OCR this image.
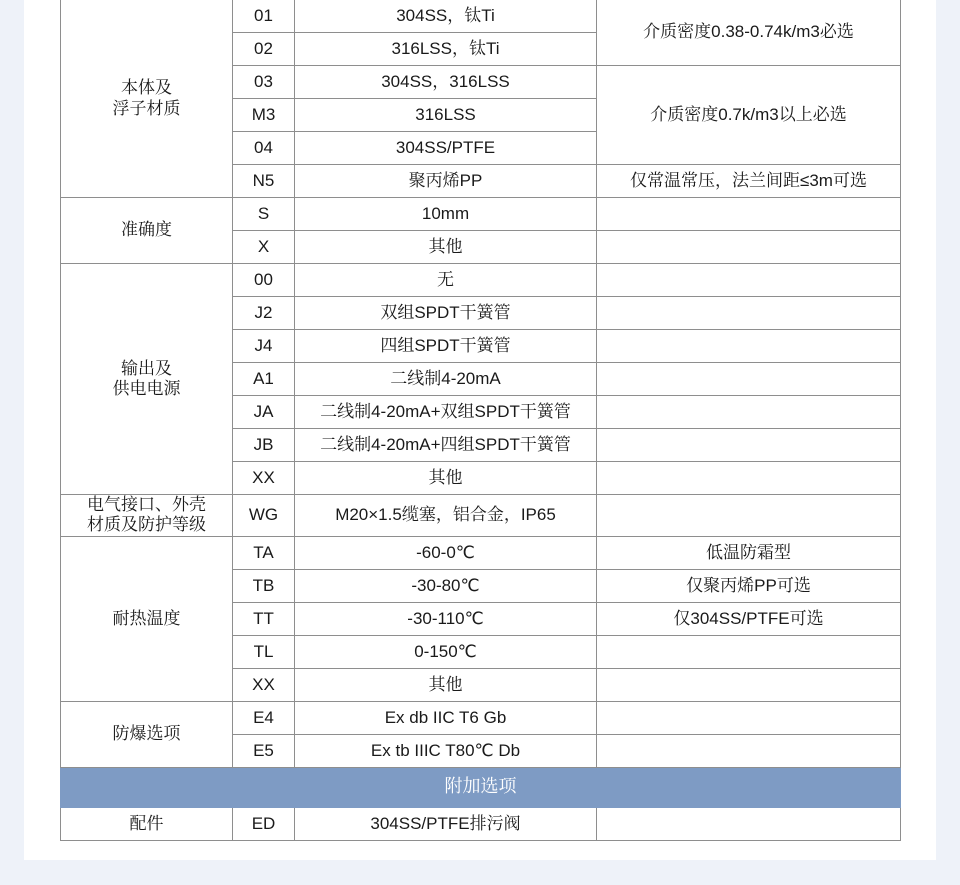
本体及
浮子材质	01	304SS，钛Ti	介质密度0.38-0.74k/m3必选
	02	316LSS，钛Ti	
	03	304SS，316LSS	介质密度0.7k/m3以上必选
	M3	316LSS	
	04	304SS/PTFE	
	N5	聚丙烯PP	仅常温常压，法兰间距≤3m可选

准确度	S	10mm	
	X	其他	

输出及
供电电源	00	无	
	J2	双组SPDT干簧管	
	J4	四组SPDT干簧管	
	A1	二线制4-20mA	
	JA	二线制4-20mA+双组SPDT干簧管	
	JB	二线制4-20mA+四组SPDT干簧管	
	XX	其他	

电气接口、外壳
材质及防护等级	WG	M20×1.5缆塞，铝合金，IP65	

耐热温度	TA	-60-0℃	低温防霜型
	TB	-30-80℃	仅聚丙烯PP可选
	TT	-30-110℃	仅304SS/PTFE可选
	TL	0-150℃	
	XX	其他	

防爆选项	E4	Ex db IIC T6 Gb	
	E5	Ex tb IIIC T80℃ Db	
附加选项			

配件	ED	304SS/PTFE排污阀	
